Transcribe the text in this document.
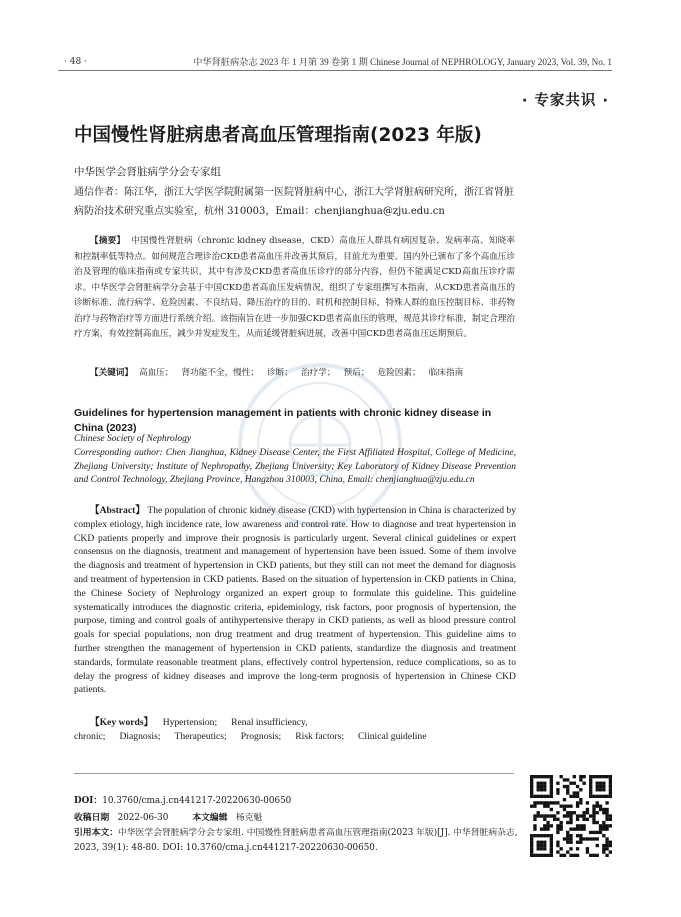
· 48 ·	中华肾脏病杂志 2023 年 1 月第 39 卷第 1 期 Chinese Journal of NEPHROLOGY, January 2023, Vol. 39, No. 1
· 专家共识 ·
中国慢性肾脏病患者高血压管理指南(2023 年版)
中华医学会肾脏病学分会专家组
通信作者：陈江华，浙江大学医学院附属第一医院肾脏病中心，浙江大学肾脏病研究所，浙江省肾脏病防治技术研究重点实验室，杭州 310003，Email：chenjianghua@zju.edu.cn
【摘要】 中国慢性肾脏病（chronic kidney disease，CKD）高血压人群具有病因复杂、发病率高、知晓率和控制率低等特点。如何规范合理诊治CKD患者高血压并改善其预后，目前尤为重要。国内外已颁布了多个高血压诊治及管理的临床指南或专家共识，其中有涉及CKD患者高血压诊疗的部分内容，但仍不能满足CKD高血压诊疗需求。中华医学会肾脏病学分会基于中国CKD患者高血压发病情况，组织了专家组撰写本指南，从CKD患者高血压的诊断标准、流行病学、危险因素、不良结局、降压治疗的目的、时机和控制目标，特殊人群的血压控制目标、非药物治疗与药物治疗等方面进行系统介绍。该指南旨在进一步加强CKD患者高血压的管理，规范其诊疗标准，制定合理治疗方案，有效控制高血压，减少并发症发生，从而延缓肾脏病进展，改善中国CKD患者高血压远期预后。
【关键词】 高血压；   肾功能不全，慢性；   诊断；   治疗学；   预后；   危险因素；   临床指南
Guidelines for hypertension management in patients with chronic kidney disease in China (2023)
Chinese Society of Nephrology
Corresponding author: Chen Jianghua, Kidney Disease Center, the First Affiliated Hospital, College of Medicine, Zhejiang University; Institute of Nephropathy, Zhejiang University; Key Laboratory of Kidney Disease Prevention and Control Technology, Zhejiang Province, Hangzhou 310003, China, Email: chenjianghua@zju.edu.cn
【Abstract】 The population of chronic kidney disease (CKD) with hypertension in China is characterized by complex etiology, high incidence rate, low awareness and control rate. How to diagnose and treat hypertension in CKD patients properly and improve their prognosis is particularly urgent. Several clinical guidelines or expert consensus on the diagnosis, treatment and management of hypertension have been issued. Some of them involve the diagnosis and treatment of hypertension in CKD patients, but they still can not meet the demand for diagnosis and treatment of hypertension in CKD patients. Based on the situation of hypertension in CKD patients in China, the Chinese Society of Nephrology organized an expert group to formulate this guideline. This guideline systematically introduces the diagnostic criteria, epidemiology, risk factors, poor prognosis of hypertension, the purpose, timing and control goals of antihypertensive therapy in CKD patients, as well as blood pressure control goals for special populations, non drug treatment and drug treatment of hypertension. This guideline aims to further strengthen the management of hypertension in CKD patients, standardize the diagnosis and treatment standards, formulate reasonable treatment plans, effectively control hypertension, reduce complications, so as to delay the progress of kidney diseases and improve the long-term prognosis of hypertension in Chinese CKD patients.
【Key words】 Hypertension; Renal insufficiency, chronic; Diagnosis; Therapeutics; Prognosis; Risk factors; Clinical guideline
DOI：10.3760/cma.j.cn441217-20220630-00650
收稿日期 2022-06-30	本文编辑 杨克魁
引用本文：中华医学会肾脏病学分会专家组. 中国慢性肾脏病患者高血压管理指南(2023 年版)[J]. 中华肾脏病杂志, 2023, 39(1): 48-80. DOI: 10.3760/cma.j.cn441217-20220630-00650.
